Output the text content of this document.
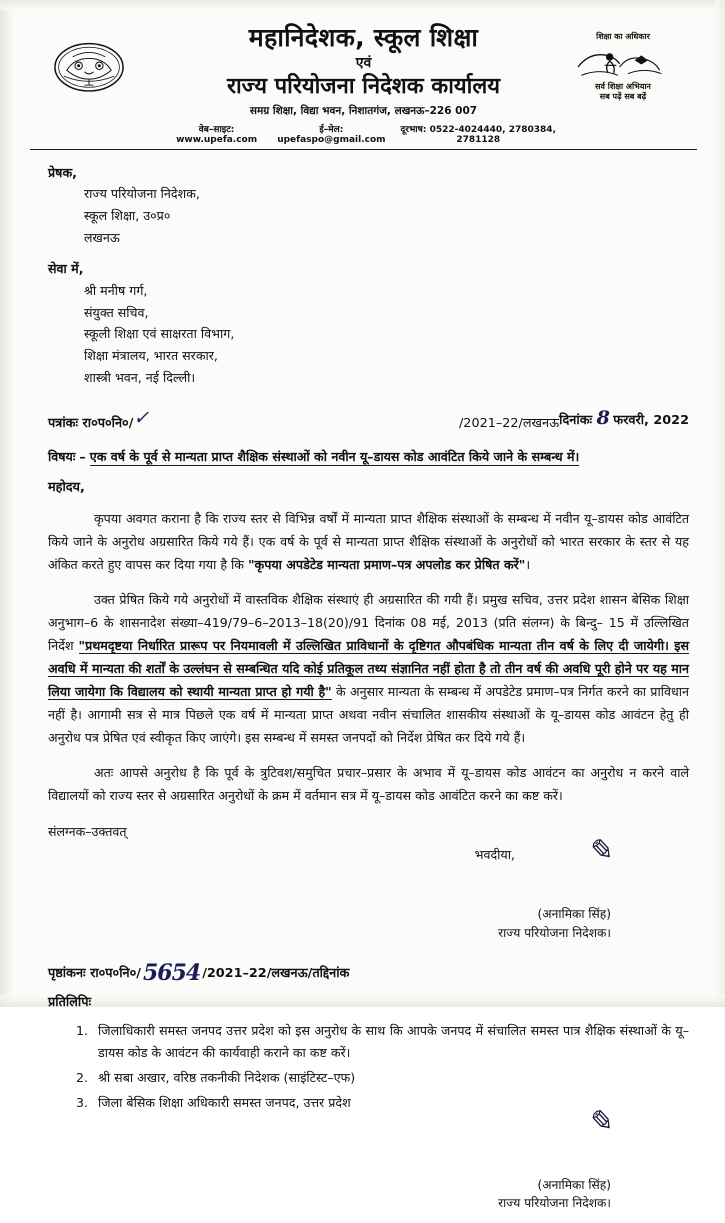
महानिदेशक, स्कूल शिक्षा
एवं
राज्य परियोजना निदेशक कार्यालय
समग्र शिक्षा, विद्या भवन, निशातगंज, लखनऊ–226 007
वेब–साइट: www.upefa.com
ई–मेल: upefaspo@gmail.com
दूरभाष: 0522-4024440, 2780384, 2781128
शिक्षा का अधिकार
सर्व शिक्षा अभियान
सब पढ़ें सब बढ़ें
प्रेषक,
राज्य परियोजना निदेशक,
स्कूल शिक्षा, उ०प्र०
लखनऊ
सेवा में,
श्री मनीष गर्ग,
संयुक्त सचिव,
स्कूली शिक्षा एवं साक्षरता विभाग,
शिक्षा मंत्रालय, भारत सरकार,
शास्त्री भवन, नई दिल्ली।
पत्रांकः रा०प०नि०/ ✓	/2021–22/लखनऊ दिनांकः 8 फरवरी, 2022
विषयः – एक वर्ष के पूर्व से मान्यता प्राप्त शैक्षिक संस्थाओं को नवीन यू–डायस कोड आवंटित किये जाने के सम्बन्ध में।
महोदय,

कृपया अवगत कराना है कि राज्य स्तर से विभिन्न वर्षों में मान्यता प्राप्त शैक्षिक संस्थाओं के सम्बन्ध में नवीन यू–डायस कोड आवंटित किये जाने के अनुरोध अग्रसारित किये गये हैं। एक वर्ष के पूर्व से मान्यता प्राप्त शैक्षिक संस्थाओं के अनुरोधों को भारत सरकार के स्तर से यह अंकित करते हुए वापस कर दिया गया है कि "कृपया अपडेटेड मान्यता प्रमाण–पत्र अपलोड कर प्रेषित करें"।

उक्त प्रेषित किये गये अनुरोधों में वास्तविक शैक्षिक संस्थाएं ही अग्रसारित की गयी हैं। प्रमुख सचिव, उत्तर प्रदेश शासन बेसिक शिक्षा अनुभाग–6 के शासनादेश संख्या–419/79–6–2013–18(20)/91 दिनांक 08 मई, 2013 (प्रति संलग्न) के बिन्दु– 15 में उल्लिखित निर्देश "प्रथमदृष्टया निर्धारित प्रारूप पर नियमावली में उल्लिखित प्राविधानों के दृष्टिगत औपबंधिक मान्यता तीन वर्ष के लिए दी जायेगी। इस अवधि में मान्यता की शर्तों के उल्लंघन से सम्बन्धित यदि कोई प्रतिकूल तथ्य संज्ञानित नहीं होता है तो तीन वर्ष की अवधि पूरी होने पर यह मान लिया जायेगा कि विद्यालय को स्थायी मान्यता प्राप्त हो गयी है" के अनुसार मान्यता के सम्बन्ध में अपडेटेड प्रमाण–पत्र निर्गत करने का प्राविधान नहीं है। आगामी सत्र से मात्र पिछले एक वर्ष में मान्यता प्राप्त अथवा नवीन संचालित शासकीय संस्थाओं के यू–डायस कोड आवंटन हेतु ही अनुरोध पत्र प्रेषित एवं स्वीकृत किए जाएंगे। इस सम्बन्ध में समस्त जनपदों को निर्देश प्रेषित कर दिये गये हैं।

अतः आपसे अनुरोध है कि पूर्व के त्रुटिवश/समुचित प्रचार–प्रसार के अभाव में यू–डायस कोड आवंटन का अनुरोध न करने वाले विद्यालयों को राज्य स्तर से अग्रसारित अनुरोधों के क्रम में वर्तमान सत्र में यू–डायस कोड आवंटित करने का कष्ट करें।

संलग्नक–उक्तवत्
भवदीया,	✎
(अनामिका सिंह)
राज्य परियोजना निदेशक।
पृष्ठांकनः रा०प०नि०/ 5654 /2021–22/लखनऊ/तद्दिनांक
प्रतिलिपिः
1. जिलाधिकारी समस्त जनपद उत्तर प्रदेश को इस अनुरोध के साथ कि आपके जनपद में संचालित समस्त पात्र शैक्षिक संस्थाओं के यू–डायस कोड के आवंटन की कार्यवाही कराने का कष्ट करें।
2. श्री सबा अखार, वरिष्ठ तकनीकी निदेशक (साइंटिस्ट–एफ)
3. जिला बेसिक शिक्षा अधिकारी समस्त जनपद, उत्तर प्रदेश
✎
(अनामिका सिंह)
राज्य परियोजना निदेशक।
